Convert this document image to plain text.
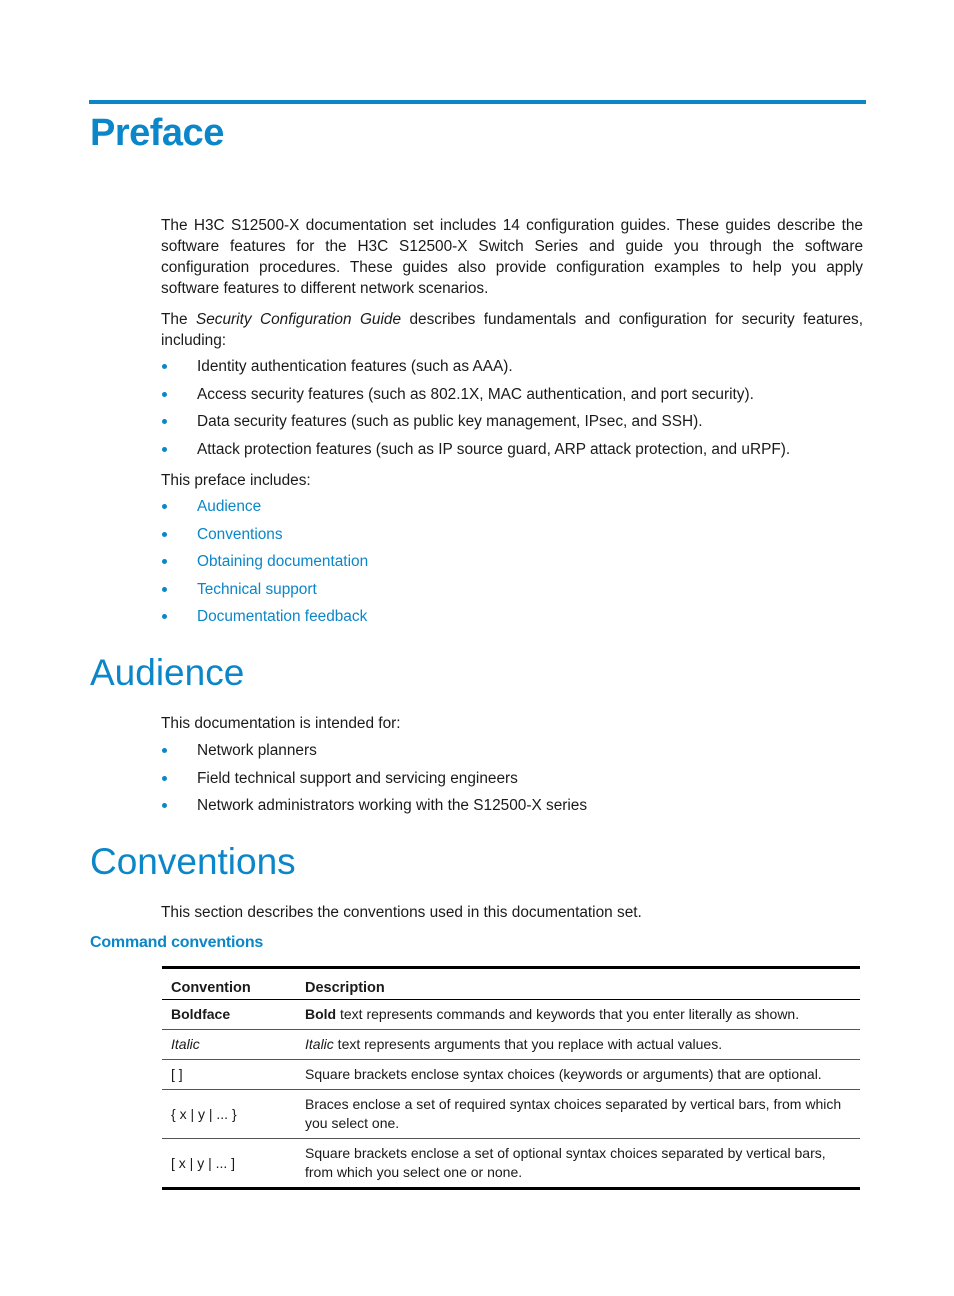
Preface

The H3C S12500-X documentation set includes 14 configuration guides. These guides describe the software features for the H3C S12500-X Switch Series and guide you through the software configuration procedures. These guides also provide configuration examples to help you apply software features to different network scenarios.

The Security Configuration Guide describes fundamentals and configuration for security features, including:

Identity authentication features (such as AAA).
Access security features (such as 802.1X, MAC authentication, and port security).
Data security features (such as public key management, IPsec, and SSH).
Attack protection features (such as IP source guard, ARP attack protection, and uRPF).

This preface includes:

Audience
Conventions
Obtaining documentation
Technical support
Documentation feedback
Audience

This documentation is intended for:

Network planners
Field technical support and servicing engineers
Network administrators working with the S12500-X series
Conventions

This section describes the conventions used in this documentation set.

Command conventions
Convention	Description
Boldface	Bold text represents commands and keywords that you enter literally as shown.
Italic	Italic text represents arguments that you replace with actual values.
[ ]	Square brackets enclose syntax choices (keywords or arguments) that are optional.
{ x | y | ... }	Braces enclose a set of required syntax choices separated by vertical bars, from which you select one.
[ x | y | ... ]	Square brackets enclose a set of optional syntax choices separated by vertical bars, from which you select one or none.
